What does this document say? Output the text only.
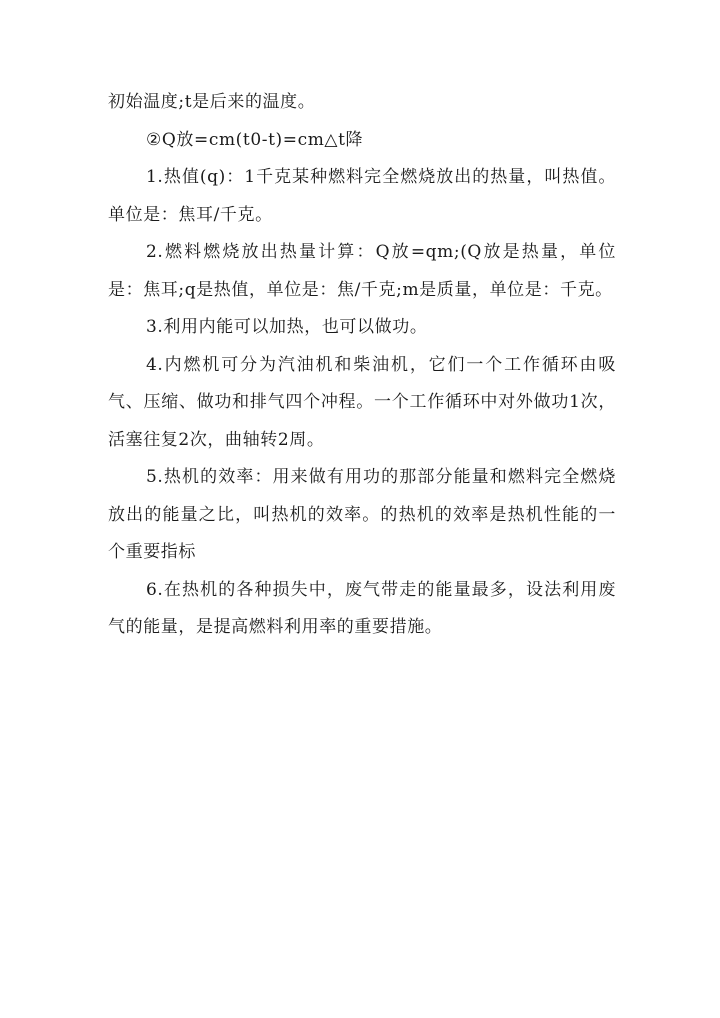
初始温度;t是后来的温度。

②Q放=cm(t0-t)=cm△t降

1.热值(q)：1千克某种燃料完全燃烧放出的热量，叫热值。单位是：焦耳/千克。

2.燃料燃烧放出热量计算：Q放=qm;(Q放是热量，单位是：焦耳;q是热值，单位是：焦/千克;m是质量，单位是：千克。

3.利用内能可以加热，也可以做功。

4.内燃机可分为汽油机和柴油机，它们一个工作循环由吸气、压缩、做功和排气四个冲程。一个工作循环中对外做功1次，活塞往复2次，曲轴转2周。

5.热机的效率：用来做有用功的那部分能量和燃料完全燃烧放出的能量之比，叫热机的效率。的热机的效率是热机性能的一个重要指标

6.在热机的各种损失中，废气带走的能量最多，设法利用废气的能量，是提高燃料利用率的重要措施。
